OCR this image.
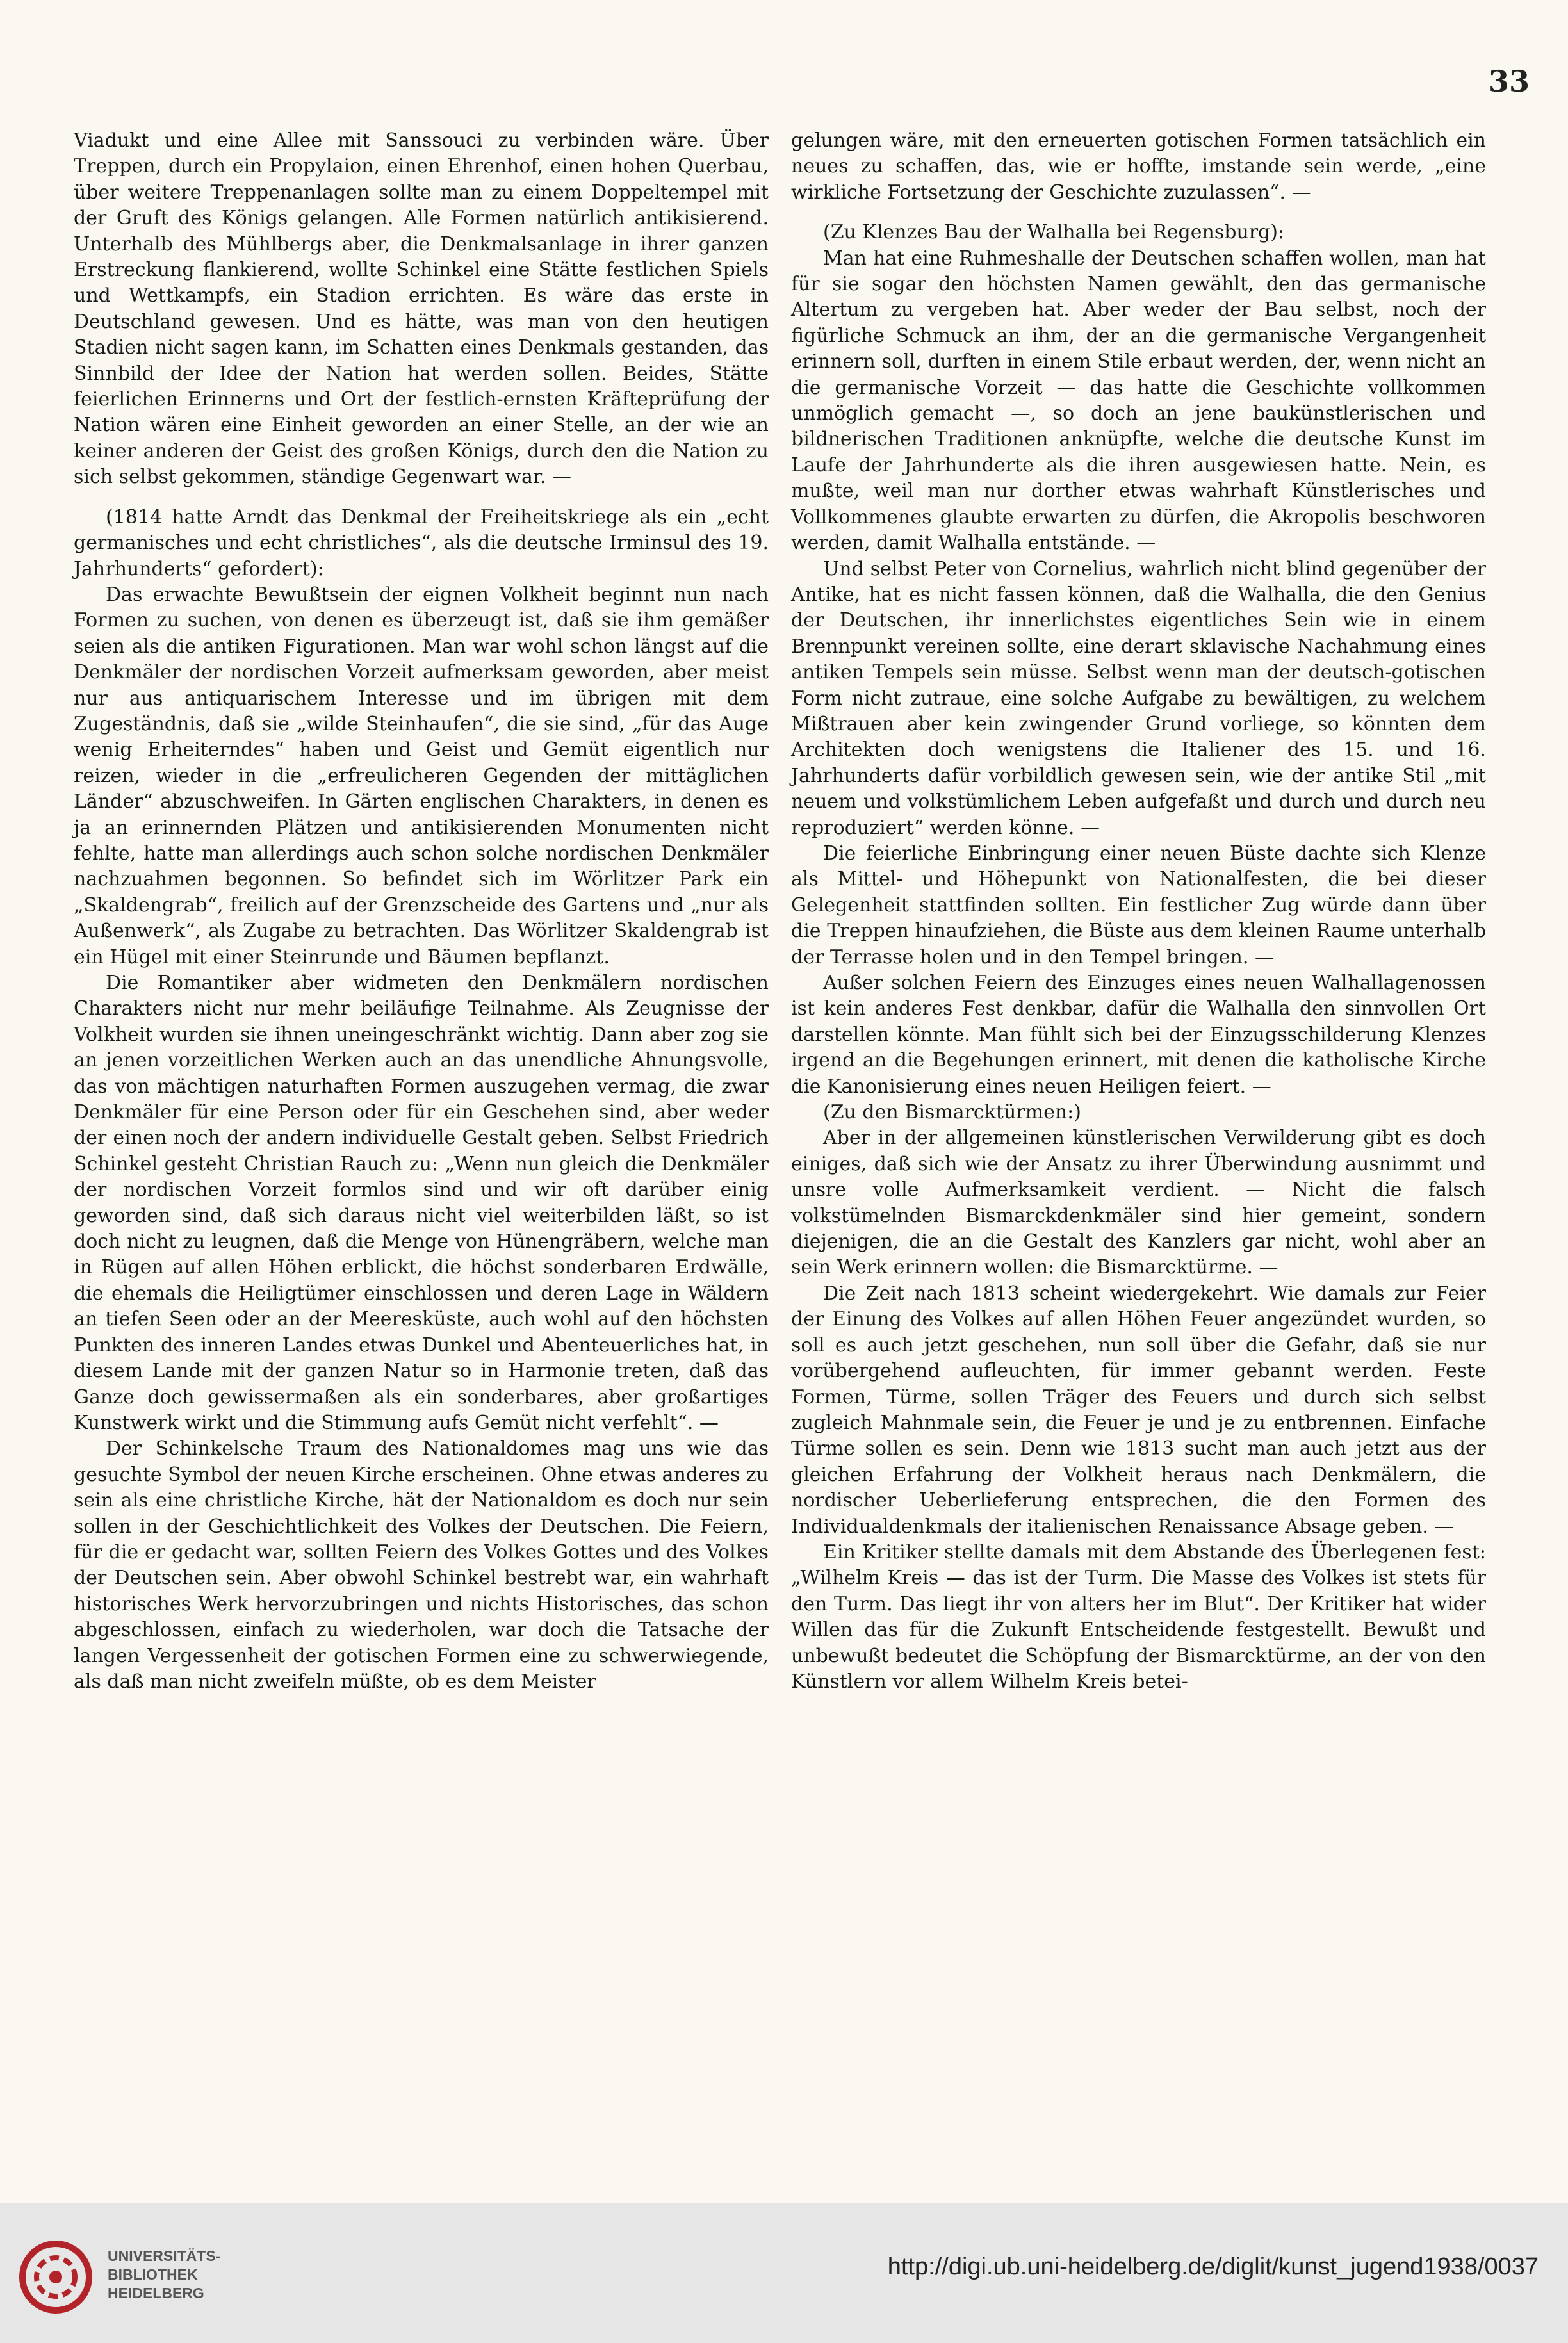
33

Viadukt und eine Allee mit Sanssouci zu verbinden wäre. Über Treppen, durch ein Propylaion, einen Ehrenhof, einen hohen Querbau, über weitere Treppenanlagen sollte man zu einem Doppeltempel mit der Gruft des Königs gelangen. Alle Formen natürlich antikisierend. Unterhalb des Mühlbergs aber, die Denkmalsanlage in ihrer ganzen Erstreckung flankierend, wollte Schinkel eine Stätte festlichen Spiels und Wettkampfs, ein Stadion errichten. Es wäre das erste in Deutschland gewesen. Und es hätte, was man von den heutigen Stadien nicht sagen kann, im Schatten eines Denkmals gestanden, das Sinnbild der Idee der Nation hat werden sollen. Beides, Stätte feierlichen Erinnerns und Ort der festlich-ernsten Kräfteprüfung der Nation wären eine Einheit geworden an einer Stelle, an der wie an keiner anderen der Geist des großen Königs, durch den die Nation zu sich selbst gekommen, ständige Gegenwart war. —

(1814 hatte Arndt das Denkmal der Freiheitskriege als ein „echt germanisches und echt christliches“, als die deutsche Irminsul des 19. Jahrhunderts“ gefordert):

Das erwachte Bewußtsein der eignen Volkheit beginnt nun nach Formen zu suchen, von denen es überzeugt ist, daß sie ihm gemäßer seien als die antiken Figurationen. Man war wohl schon längst auf die Denkmäler der nordischen Vorzeit aufmerksam geworden, aber meist nur aus antiquarischem Interesse und im übrigen mit dem Zugeständnis, daß sie „wilde Steinhaufen“, die sie sind, „für das Auge wenig Erheiterndes“ haben und Geist und Gemüt eigentlich nur reizen, wieder in die „erfreulicheren Gegenden der mittäglichen Länder“ abzuschweifen. In Gärten englischen Charakters, in denen es ja an erinnernden Plätzen und antikisierenden Monumenten nicht fehlte, hatte man allerdings auch schon solche nordischen Denkmäler nachzuahmen begonnen. So befindet sich im Wörlitzer Park ein „Skaldengrab“, freilich auf der Grenzscheide des Gartens und „nur als Außenwerk“, als Zugabe zu betrachten. Das Wörlitzer Skaldengrab ist ein Hügel mit einer Steinrunde und Bäumen bepflanzt.

Die Romantiker aber widmeten den Denkmälern nordischen Charakters nicht nur mehr beiläufige Teilnahme. Als Zeugnisse der Volkheit wurden sie ihnen uneingeschränkt wichtig. Dann aber zog sie an jenen vorzeitlichen Werken auch an das unendliche Ahnungsvolle, das von mächtigen naturhaften Formen auszugehen vermag, die zwar Denkmäler für eine Person oder für ein Geschehen sind, aber weder der einen noch der andern individuelle Gestalt geben. Selbst Friedrich Schinkel gesteht Christian Rauch zu: „Wenn nun gleich die Denkmäler der nordischen Vorzeit formlos sind und wir oft darüber einig geworden sind, daß sich daraus nicht viel weiterbilden läßt, so ist doch nicht zu leugnen, daß die Menge von Hünengräbern, welche man in Rügen auf allen Höhen erblickt, die höchst sonderbaren Erdwälle, die ehemals die Heiligtümer einschlossen und deren Lage in Wäldern an tiefen Seen oder an der Meeresküste, auch wohl auf den höchsten Punkten des inneren Landes etwas Dunkel und Abenteuerliches hat, in diesem Lande mit der ganzen Natur so in Harmonie treten, daß das Ganze doch gewissermaßen als ein sonderbares, aber großartiges Kunstwerk wirkt und die Stimmung aufs Gemüt nicht verfehlt“. —

Der Schinkelsche Traum des Nationaldomes mag uns wie das gesuchte Symbol der neuen Kirche erscheinen. Ohne etwas anderes zu sein als eine christliche Kirche, hät der Nationaldom es doch nur sein sollen in der Geschichtlichkeit des Volkes der Deutschen. Die Feiern, für die er gedacht war, sollten Feiern des Volkes Gottes und des Volkes der Deutschen sein. Aber obwohl Schinkel bestrebt war, ein wahrhaft historisches Werk hervorzubringen und nichts Historisches, das schon abgeschlossen, einfach zu wiederholen, war doch die Tatsache der langen Vergessenheit der gotischen Formen eine zu schwerwiegende, als daß man nicht zweifeln müßte, ob es dem Meister

gelungen wäre, mit den erneuerten gotischen Formen tatsächlich ein neues zu schaffen, das, wie er hoffte, imstande sein werde, „eine wirkliche Fortsetzung der Geschichte zuzulassen“. —

(Zu Klenzes Bau der Walhalla bei Regensburg):

Man hat eine Ruhmeshalle der Deutschen schaffen wollen, man hat für sie sogar den höchsten Namen gewählt, den das germanische Altertum zu vergeben hat. Aber weder der Bau selbst, noch der figürliche Schmuck an ihm, der an die germanische Vergangenheit erinnern soll, durften in einem Stile erbaut werden, der, wenn nicht an die germanische Vorzeit — das hatte die Geschichte vollkommen unmöglich gemacht —, so doch an jene baukünstlerischen und bildnerischen Traditionen anknüpfte, welche die deutsche Kunst im Laufe der Jahrhunderte als die ihren ausgewiesen hatte. Nein, es mußte, weil man nur dorther etwas wahrhaft Künstlerisches und Vollkommenes glaubte erwarten zu dürfen, die Akropolis beschworen werden, damit Walhalla entstände. —

Und selbst Peter von Cornelius, wahrlich nicht blind gegenüber der Antike, hat es nicht fassen können, daß die Walhalla, die den Genius der Deutschen, ihr innerlichstes eigentliches Sein wie in einem Brennpunkt vereinen sollte, eine derart sklavische Nachahmung eines antiken Tempels sein müsse. Selbst wenn man der deutsch-gotischen Form nicht zutraue, eine solche Aufgabe zu bewältigen, zu welchem Mißtrauen aber kein zwingender Grund vorliege, so könnten dem Architekten doch wenigstens die Italiener des 15. und 16. Jahrhunderts dafür vorbildlich gewesen sein, wie der antike Stil „mit neuem und volkstümlichem Leben aufgefaßt und durch und durch neu reproduziert“ werden könne. —

Die feierliche Einbringung einer neuen Büste dachte sich Klenze als Mittel- und Höhepunkt von Nationalfesten, die bei dieser Gelegenheit stattfinden sollten. Ein festlicher Zug würde dann über die Treppen hinaufziehen, die Büste aus dem kleinen Raume unterhalb der Terrasse holen und in den Tempel bringen. —

Außer solchen Feiern des Einzuges eines neuen Walhallagenossen ist kein anderes Fest denkbar, dafür die Walhalla den sinnvollen Ort darstellen könnte. Man fühlt sich bei der Einzugsschilderung Klenzes irgend an die Begehungen erinnert, mit denen die katholische Kirche die Kanonisierung eines neuen Heiligen feiert. —

(Zu den Bismarcktürmen:)

Aber in der allgemeinen künstlerischen Verwilderung gibt es doch einiges, daß sich wie der Ansatz zu ihrer Überwindung ausnimmt und unsre volle Aufmerksamkeit verdient. — Nicht die falsch volkstümelnden Bismarckdenkmäler sind hier gemeint, sondern diejenigen, die an die Gestalt des Kanzlers gar nicht, wohl aber an sein Werk erinnern wollen: die Bismarcktürme. —

Die Zeit nach 1813 scheint wiedergekehrt. Wie damals zur Feier der Einung des Volkes auf allen Höhen Feuer angezündet wurden, so soll es auch jetzt geschehen, nun soll über die Gefahr, daß sie nur vorübergehend aufleuchten, für immer gebannt werden. Feste Formen, Türme, sollen Träger des Feuers und durch sich selbst zugleich Mahnmale sein, die Feuer je und je zu entbrennen. Einfache Türme sollen es sein. Denn wie 1813 sucht man auch jetzt aus der gleichen Erfahrung der Volkheit heraus nach Denkmälern, die nordischer Ueberlieferung entsprechen, die den Formen des Individualdenkmals der italienischen Renaissance Absage geben. —

Ein Kritiker stellte damals mit dem Abstande des Überlegenen fest: „Wilhelm Kreis — das ist der Turm. Die Masse des Volkes ist stets für den Turm. Das liegt ihr von alters her im Blut“. Der Kritiker hat wider Willen das für die Zukunft Entscheidende festgestellt. Bewußt und unbewußt bedeutet die Schöpfung der Bismarcktürme, an der von den Künstlern vor allem Wilhelm Kreis betei-

UNIVERSITÄTS-
BIBLIOTHEK
HEIDELBERG
http://digi.ub.uni-heidelberg.de/diglit/kunst_jugend1938/0037
